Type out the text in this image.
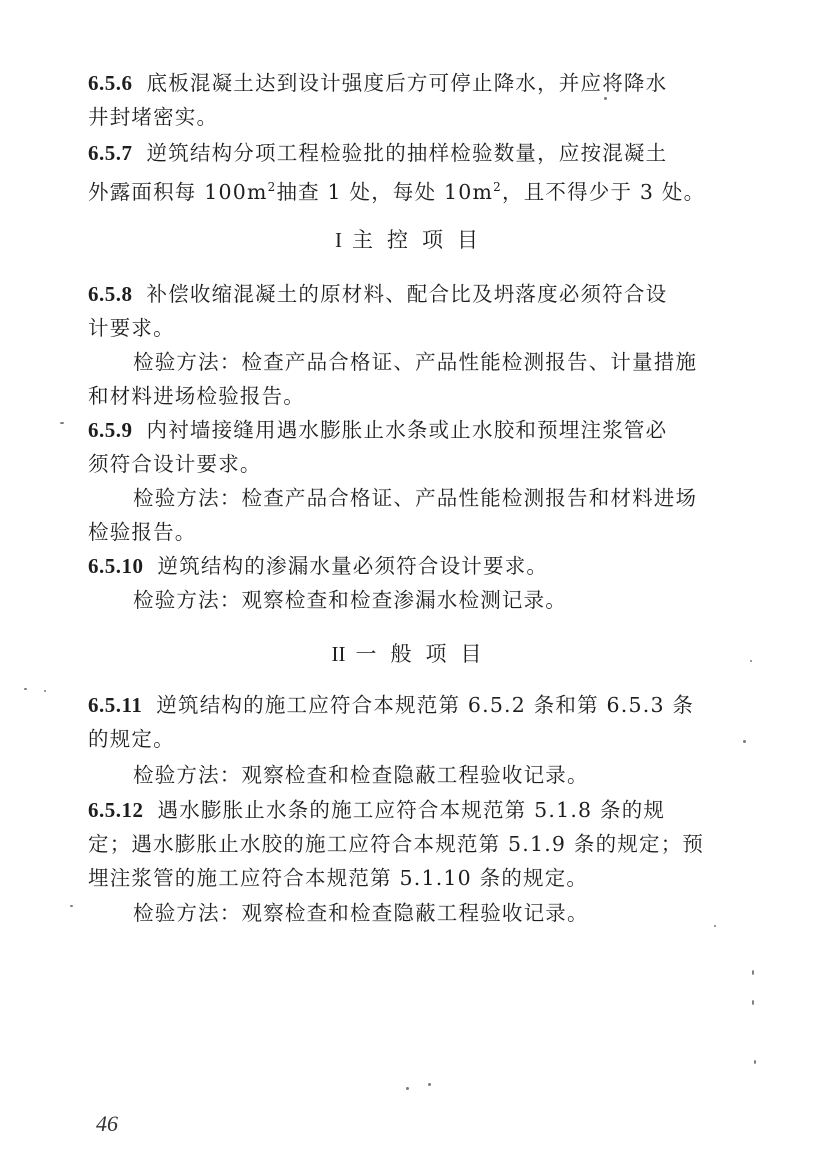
6.5.6 底板混凝土达到设计强度后方可停止降水，并应将降水
井封堵密实。
6.5.7 逆筑结构分项工程检验批的抽样检验数量，应按混凝土
外露面积每 $100m^2$抽查 1 处，每处 $10m^2$，且不得少于 3 处。
I 主控项目
6.5.8 补偿收缩混凝土的原材料、配合比及坍落度必须符合设
计要求。
检验方法：检查产品合格证、产品性能检测报告、计量措施
和材料进场检验报告。
6.5.9 内衬墙接缝用遇水膨胀止水条或止水胶和预埋注浆管必
须符合设计要求。
检验方法：检查产品合格证、产品性能检测报告和材料进场
检验报告。
6.5.10 逆筑结构的渗漏水量必须符合设计要求。
检验方法：观察检查和检查渗漏水检测记录。
II 一般项目
6.5.11 逆筑结构的施工应符合本规范第 6.5.2 条和第 6.5.3 条
的规定。
检验方法：观察检查和检查隐蔽工程验收记录。
6.5.12 遇水膨胀止水条的施工应符合本规范第 5.1.8 条的规
定；遇水膨胀止水胶的施工应符合本规范第 5.1.9 条的规定；预
埋注浆管的施工应符合本规范第 5.1.10 条的规定。
检验方法：观察检查和检查隐蔽工程验收记录。
46
